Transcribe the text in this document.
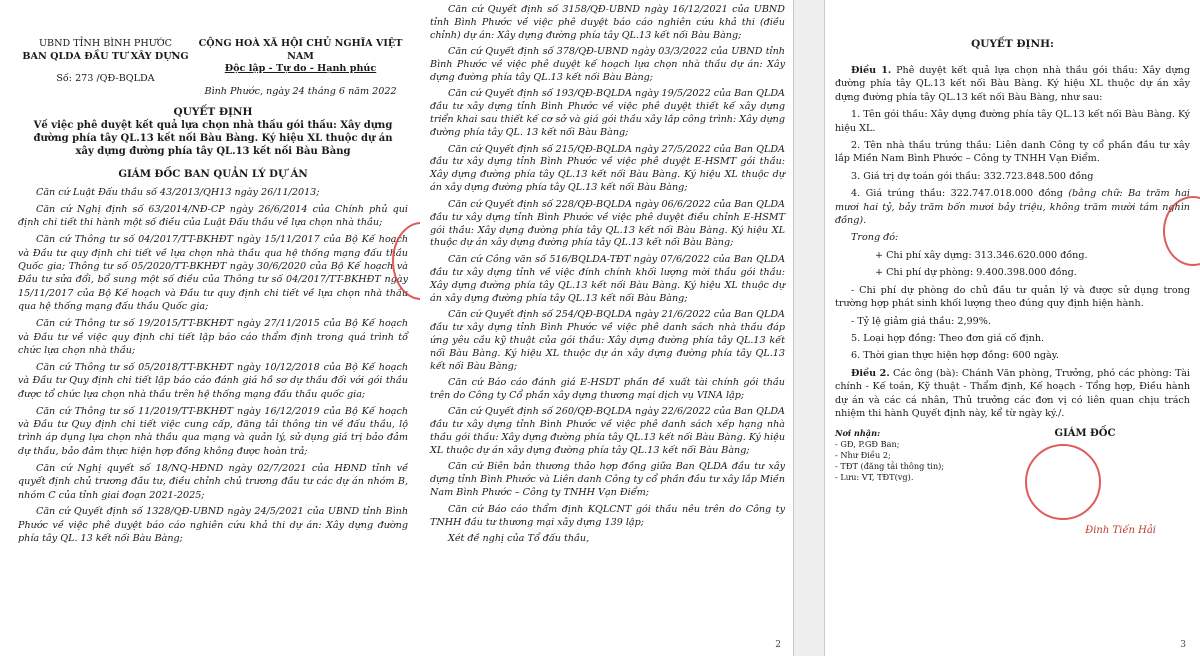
UBND TỈNH BÌNH PHƯỚC
BAN QLDA ĐẦU TƯ XÂY DỰNG
Số: 273 /QĐ-BQLDA
CỘNG HOÀ XÃ HỘI CHỦ NGHĨA VIỆT NAM
Độc lập - Tự do - Hạnh phúc
Bình Phước, ngày 24 tháng 6 năm 2022
QUYẾT ĐỊNH
Về việc phê duyệt kết quả lựa chọn nhà thầu gói thầu: Xây dựng đường phía tây QL.13 kết nối Bàu Bàng. Ký hiệu XL thuộc dự án xây dựng đường phía tây QL.13 kết nối Bàu Bàng
GIÁM ĐỐC BAN QUẢN LÝ DỰ ÁN

Căn cứ Luật Đấu thầu số 43/2013/QH13 ngày 26/11/2013;

Căn cứ Nghị định số 63/2014/NĐ-CP ngày 26/6/2014 của Chính phủ qui định chi tiết thi hành một số điều của Luật Đấu thầu về lựa chọn nhà thầu;

Căn cứ Thông tư số 04/2017/TT-BKHĐT ngày 15/11/2017 của Bộ Kế hoạch và Đầu tư quy định chi tiết về lựa chọn nhà thầu qua hệ thống mạng đấu thầu Quốc gia; Thông tư số 05/2020/TT-BKHĐT ngày 30/6/2020 của Bộ Kế hoạch và Đầu tư sửa đổi, bổ sung một số điều của Thông tư số 04/2017/TT-BKHĐT ngày 15/11/2017 của Bộ Kế hoạch và Đầu tư quy định chi tiết về lựa chọn nhà thầu qua hệ thống mạng đấu thầu Quốc gia;

Căn cứ Thông tư số 19/2015/TT-BKHĐT ngày 27/11/2015 của Bộ Kế hoạch và Đầu tư về việc quy định chi tiết lập báo cáo thẩm định trong quá trình tổ chức lựa chọn nhà thầu;

Căn cứ Thông tư số 05/2018/TT-BKHĐT ngày 10/12/2018 của Bộ Kế hoạch và Đầu tư Quy định chi tiết lập báo cáo đánh giá hồ sơ dự thầu đối với gói thầu được tổ chức lựa chọn nhà thầu trên hệ thống mạng đấu thầu quốc gia;

Căn cứ Thông tư số 11/2019/TT-BKHĐT ngày 16/12/2019 của Bộ Kế hoạch và Đầu tư Quy định chi tiết việc cung cấp, đăng tải thông tin về đấu thầu, lộ trình áp dụng lựa chọn nhà thầu qua mạng và quản lý, sử dụng giá trị bảo đảm dự thầu, bảo đảm thực hiện hợp đồng không được hoàn trả;

Căn cứ Nghị quyết số 18/NQ-HĐND ngày 02/7/2021 của HĐND tỉnh về quyết định chủ trương đầu tư, điều chỉnh chủ trương đầu tư các dự án nhóm B, nhóm C của tỉnh giai đoạn 2021-2025;

Căn cứ Quyết định số 1328/QĐ-UBND ngày 24/5/2021 của UBND tỉnh Bình Phước về việc phê duyệt báo cáo nghiên cứu khả thi dự án: Xây dựng đường phía tây QL. 13 kết nối Bàu Bàng;

Căn cứ Quyết định số 3158/QĐ-UBND ngày 16/12/2021 của UBND tỉnh Bình Phước về việc phê duyệt báo cáo nghiên cứu khả thi (điều chỉnh) dự án: Xây dựng đường phía tây QL.13 kết nối Bàu Bàng;

Căn cứ Quyết định số 378/QĐ-UBND ngày 03/3/2022 của UBND tỉnh Bình Phước về việc phê duyệt kế hoạch lựa chọn nhà thầu dự án: Xây dựng đường phía tây QL.13 kết nối Bàu Bàng;

Căn cứ Quyết định số 193/QĐ-BQLDA ngày 19/5/2022 của Ban QLDA đầu tư xây dựng tỉnh Bình Phước về việc phê duyệt thiết kế xây dựng triển khai sau thiết kế cơ sở và giá gói thầu xây lắp công trình: Xây dựng đường phía tây QL. 13 kết nối Bàu Bàng;

Căn cứ Quyết định số 215/QĐ-BQLDA ngày 27/5/2022 của Ban QLDA đầu tư xây dựng tỉnh Bình Phước về việc phê duyệt E-HSMT gói thầu: Xây dựng đường phía tây QL.13 kết nối Bàu Bàng. Ký hiệu XL thuộc dự án xây dựng đường phía tây QL.13 kết nối Bàu Bàng;

Căn cứ Quyết định số 228/QĐ-BQLDA ngày 06/6/2022 của Ban QLDA đầu tư xây dựng tỉnh Bình Phước về việc phê duyệt điều chỉnh E-HSMT gói thầu: Xây dựng đường phía tây QL.13 kết nối Bàu Bàng. Ký hiệu XL thuộc dự án xây dựng đường phía tây QL.13 kết nối Bàu Bàng;

Căn cứ Công văn số 516/BQLDA-TĐT ngày 07/6/2022 của Ban QLDA đầu tư xây dựng tỉnh về việc đính chính khối lượng mời thầu gói thầu: Xây dựng đường phía tây QL.13 kết nối Bàu Bàng. Ký hiệu XL thuộc dự án xây dựng đường phía tây QL.13 kết nối Bàu Bàng;

Căn cứ Quyết định số 254/QĐ-BQLDA ngày 21/6/2022 của Ban QLDA đầu tư xây dựng tỉnh Bình Phước về việc phê danh sách nhà thầu đáp ứng yêu cầu kỹ thuật của gói thầu: Xây dựng đường phía tây QL.13 kết nối Bàu Bàng. Ký hiệu XL thuộc dự án xây dựng đường phía tây QL.13 kết nối Bàu Bàng;

Căn cứ Báo cáo đánh giá E-HSDT phần đề xuất tài chính gói thầu trên do Công ty Cổ phần xây dựng thương mại dịch vụ VINA lập;

Căn cứ Quyết định số 260/QĐ-BQLDA ngày 22/6/2022 của Ban QLDA đầu tư xây dựng tỉnh Bình Phước về việc phê danh sách xếp hạng nhà thầu gói thầu: Xây dựng đường phía tây QL.13 kết nối Bàu Bàng. Ký hiệu XL thuộc dự án xây dựng đường phía tây QL.13 kết nối Bàu Bàng;

Căn cứ Biên bản thương thảo hợp đồng giữa Ban QLDA đầu tư xây dựng tỉnh Bình Phước và Liên danh Công ty cổ phần đầu tư xây lắp Miền Nam Bình Phước – Công ty TNHH Vạn Điểm;

Căn cứ Báo cáo thẩm định KQLCNT gói thầu nêu trên do Công ty TNHH đầu tư thương mại xây dựng 139 lập;

Xét đề nghị của Tổ đấu thầu,

2
QUYẾT ĐỊNH:

Điều 1. Phê duyệt kết quả lựa chọn nhà thầu gói thầu: Xây dựng đường phía tây QL.13 kết nối Bàu Bàng. Ký hiệu XL thuộc dự án xây dựng đường phía tây QL.13 kết nối Bàu Bàng, như sau:

1. Tên gói thầu: Xây dựng đường phía tây QL.13 kết nối Bàu Bàng. Ký hiệu XL.

2. Tên nhà thầu trúng thầu: Liên danh Công ty cổ phần đầu tư xây lắp Miền Nam Bình Phước – Công ty TNHH Vạn Điểm.

3. Giá trị dự toán gói thầu: 332.723.848.500 đồng

4. Giá trúng thầu: 322.747.018.000 đồng (bằng chữ: Ba trăm hai mươi hai tỷ, bảy trăm bốn mươi bảy triệu, không trăm mười tám nghìn đồng).

Trong đó:

+ Chi phí xây dựng: 313.346.620.000 đồng.

+ Chi phí dự phòng: 9.400.398.000 đồng.

- Chi phí dự phòng do chủ đầu tư quản lý và được sử dụng trong trường hợp phát sinh khối lượng theo đúng quy định hiện hành.

- Tỷ lệ giảm giá thầu: 2,99%.

5. Loại hợp đồng: Theo đơn giá cố định.

6. Thời gian thực hiện hợp đồng: 600 ngày.

Điều 2. Các ông (bà): Chánh Văn phòng, Trưởng, phó các phòng: Tài chính - Kế toán, Kỹ thuật - Thẩm định, Kế hoạch - Tổng hợp, Điều hành dự án và các cá nhân, Thủ trưởng các đơn vị có liên quan chịu trách nhiệm thi hành Quyết định này, kể từ ngày ký./.

Nơi nhận:
- GĐ, P.GĐ Ban;
- Như Điều 2;
- TĐT (đăng tải thông tin);
- Lưu: VT, TĐT(vg).
GIÁM ĐỐC
Đinh Tiến Hải
3
